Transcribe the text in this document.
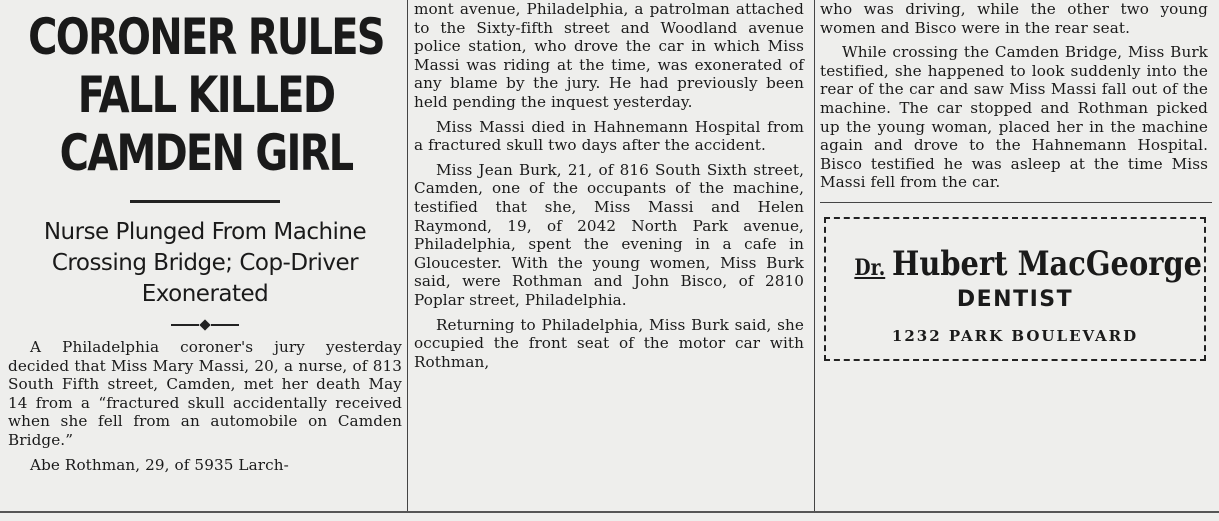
CORONER RULES FALL KILLED CAMDEN GIRL
Nurse Plunged From Machine Crossing Bridge; Cop-Driver Exonerated

A Philadelphia coroner's jury yesterday decided that Miss Mary Massi, 20, a nurse, of 813 South Fifth street, Camden, met her death May 14 from a “fractured skull accidentally received when she fell from an automobile on Camden Bridge.”

Abe Rothman, 29, of 5935 Larch-

mont avenue, Philadelphia, a patrolman attached to the Sixty-fifth street and Woodland avenue police station, who drove the car in which Miss Massi was riding at the time, was exonerated of any blame by the jury. He had previously been held pending the inquest yesterday.

Miss Massi died in Hahnemann Hospital from a fractured skull two days after the accident.

Miss Jean Burk, 21, of 816 South Sixth street, Camden, one of the occupants of the machine, testified that she, Miss Massi and Helen Raymond, 19, of 2042 North Park avenue, Philadelphia, spent the evening in a cafe in Gloucester. With the young women, Miss Burk said, were Rothman and John Bisco, of 2810 Poplar street, Philadelphia.

Returning to Philadelphia, Miss Burk said, she occupied the front seat of the motor car with Rothman,

who was driving, while the other two young women and Bisco were in the rear seat.

While crossing the Camden Bridge, Miss Burk testified, she happened to look suddenly into the rear of the car and saw Miss Massi fall out of the machine. The car stopped and Rothman picked up the young woman, placed her in the machine again and drove to the Hahnemann Hospital. Bisco testified he was asleep at the time Miss Massi fell from the car.

Dr. Hubert MacGeorge
DENTIST
1232 PARK BOULEVARD
